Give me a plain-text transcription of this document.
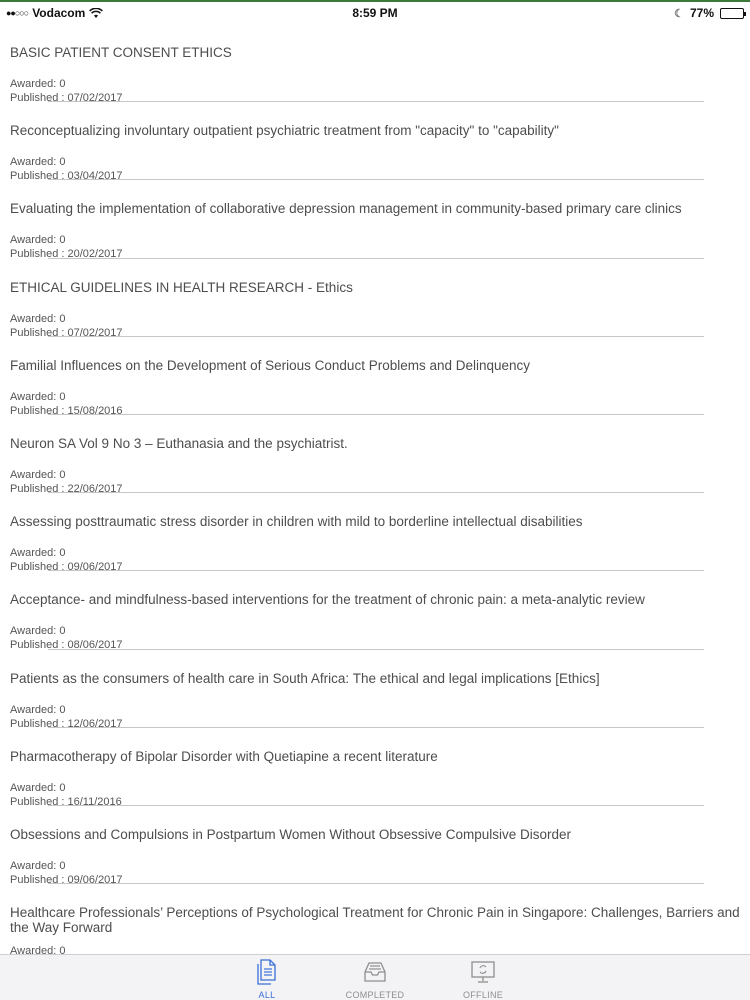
●●○○○ Vodacom	8:59 PM	☾ 77%
BASIC PATIENT CONSENT ETHICS
Awarded: 0
Published : 07/02/2017
Reconceptualizing involuntary outpatient psychiatric treatment from "capacity" to "capability"
Awarded: 0
Published : 03/04/2017
Evaluating the implementation of collaborative depression management in community-based primary care clinics
Awarded: 0
Published : 20/02/2017
ETHICAL GUIDELINES IN HEALTH RESEARCH - Ethics
Awarded: 0
Published : 07/02/2017
Familial Influences on the Development of Serious Conduct Problems and Delinquency
Awarded: 0
Published : 15/08/2016
Neuron SA Vol 9 No 3 – Euthanasia and the psychiatrist.
Awarded: 0
Published : 22/06/2017
Assessing posttraumatic stress disorder in children with mild to borderline intellectual disabilities
Awarded: 0
Published : 09/06/2017
Acceptance- and mindfulness-based interventions for the treatment of chronic pain: a meta-analytic review
Awarded: 0
Published : 08/06/2017
Patients as the consumers of health care in South Africa: The ethical and legal implications [Ethics]
Awarded: 0
Published : 12/06/2017
Pharmacotherapy of Bipolar Disorder with Quetiapine a recent literature
Awarded: 0
Published : 16/11/2016
Obsessions and Compulsions in Postpartum Women Without Obsessive Compulsive Disorder
Awarded: 0
Published : 09/06/2017
Healthcare Professionals’ Perceptions of Psychological Treatment for Chronic Pain in Singapore: Challenges, Barriers and the Way Forward
Awarded: 0
ALL	COMPLETED	OFFLINE
